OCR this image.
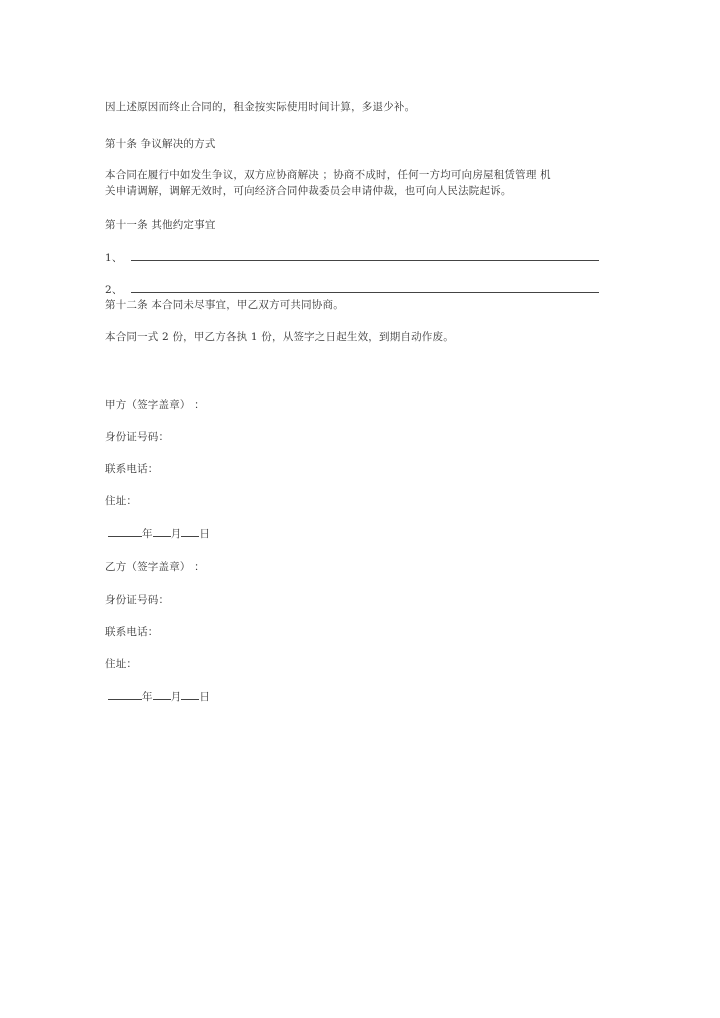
因上述原因而终止合同的，租金按实际使用时间计算，多退少补。
第十条 争议解决的方式
本合同在履行中如发生争议，双方应协商解决 ；协商不成时，任何一方均可向房屋租赁管理 机
关申请调解，调解无效时，可向经济合同仲裁委员会申请仲裁，也可向人民法院起诉。
第十一条 其他约定事宜
1、
2、
第十二条 本合同未尽事宜，甲乙双方可共同协商。
本合同一式 2 份，甲乙方各执 1 份，从签字之日起生效，到期自动作废。
甲方（签字盖章） ：
身份证号码：
联系电话：
住址：
年 月 日
乙方（签字盖章） ：
身份证号码：
联系电话：
住址：
年 月 日
